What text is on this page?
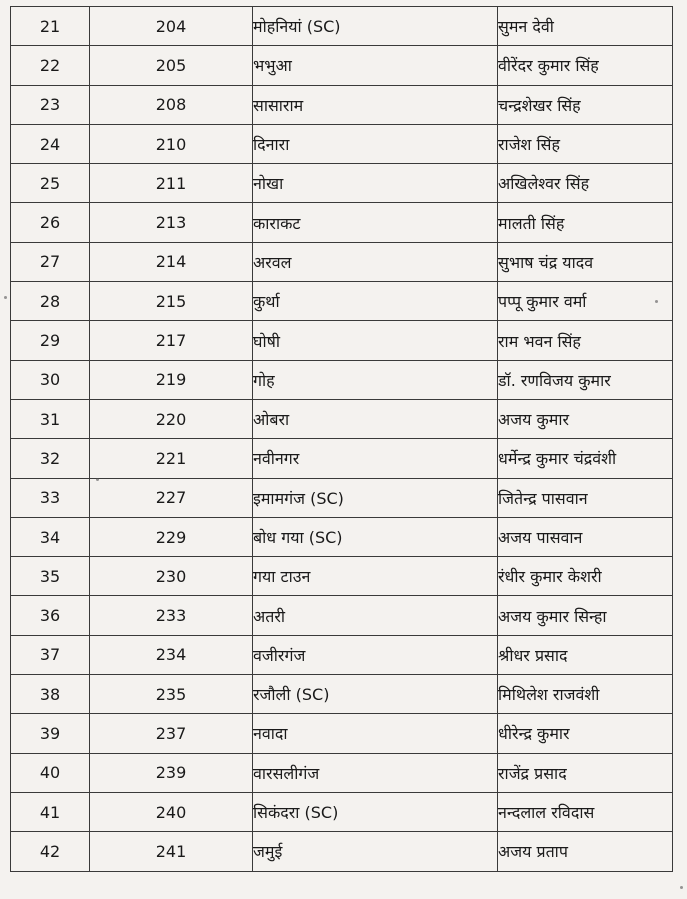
21	204	मोहनियां (SC)	सुमन देवी
22	205	भभुआ	वीरेंदर कुमार सिंह
23	208	सासाराम	चन्द्रशेखर सिंह
24	210	दिनारा	राजेश सिंह
25	211	नोखा	अखिलेश्वर सिंह
26	213	काराकट	मालती सिंह
27	214	अरवल	सुभाष चंद्र यादव
28	215	कुर्था	पप्पू कुमार वर्मा
29	217	घोषी	राम भवन सिंह
30	219	गोह	डॉ. रणविजय कुमार
31	220	ओबरा	अजय कुमार
32	221	नवीनगर	धर्मेन्द्र कुमार चंद्रवंशी
33	227	इमामगंज (SC)	जितेन्द्र पासवान
34	229	बोध गया (SC)	अजय पासवान
35	230	गया टाउन	रंधीर कुमार केशरी
36	233	अतरी	अजय कुमार सिन्हा
37	234	वजीरगंज	श्रीधर प्रसाद
38	235	रजौली (SC)	मिथिलेश राजवंशी
39	237	नवादा	धीरेन्द्र कुमार
40	239	वारसलीगंज	राजेंद्र प्रसाद
41	240	सिकंदरा (SC)	नन्दलाल रविदास
42	241	जमुई	अजय प्रताप
